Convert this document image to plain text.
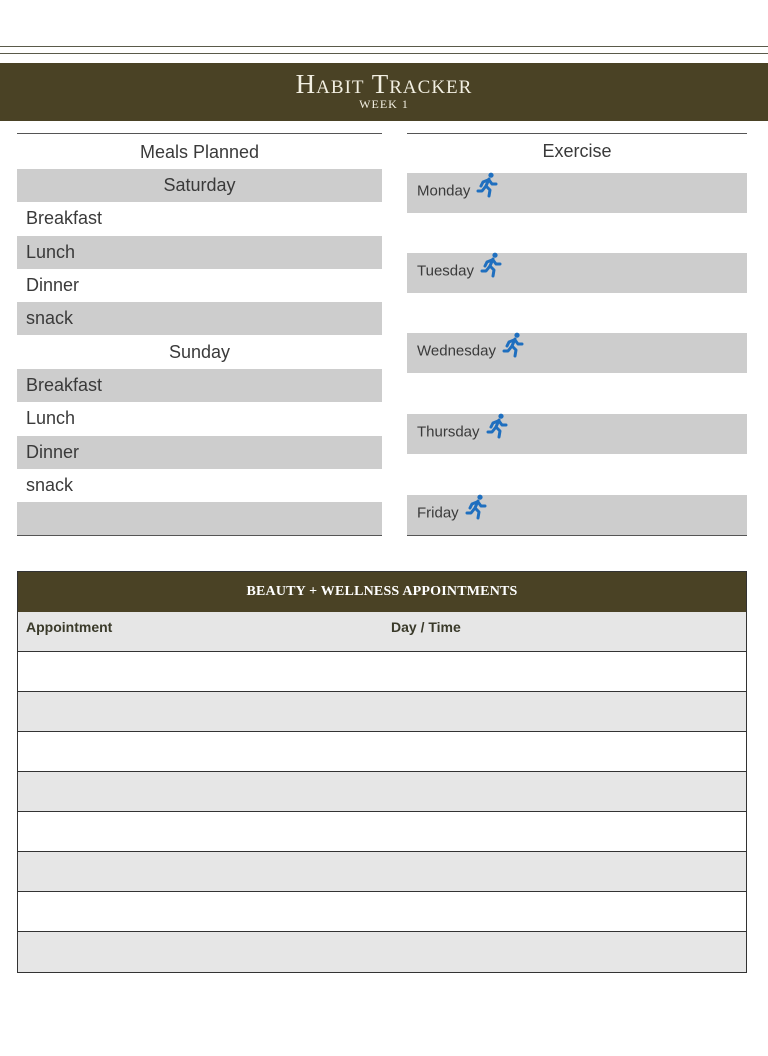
Habit Tracker
WEEK 1
Meals Planned
Saturday
Breakfast
Lunch
Dinner
snack
Sunday
Breakfast
Lunch
Dinner
snack
Exercise
Monday
Tuesday
Wednesday
Thursday
Friday
BEAUTY + WELLNESS APPOINTMENTS
Appointment	Day / Time
